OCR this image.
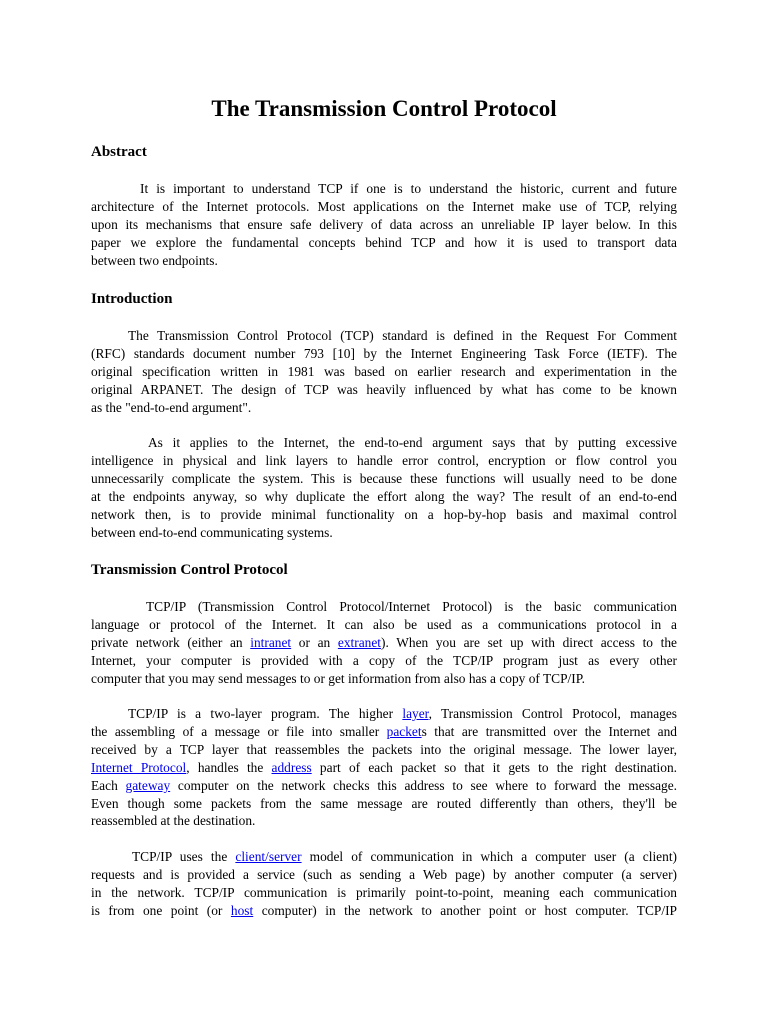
The Transmission Control Protocol
Abstract
It is important to understand TCP if one is to understand the historic, current and future
architecture of the Internet protocols. Most applications on the Internet make use of TCP, relying
upon its mechanisms that ensure safe delivery of data across an unreliable IP layer below. In this
paper we explore the fundamental concepts behind TCP and how it is used to transport data
between two endpoints.
Introduction
The Transmission Control Protocol (TCP) standard is defined in the Request For Comment
(RFC) standards document number 793 [10] by the Internet Engineering Task Force (IETF). The
original specification written in 1981 was based on earlier research and experimentation in the
original ARPANET. The design of TCP was heavily influenced by what has come to be known
as the "end-to-end argument".
As it applies to the Internet, the end-to-end argument says that by putting excessive
intelligence in physical and link layers to handle error control, encryption or flow control you
unnecessarily complicate the system. This is because these functions will usually need to be done
at the endpoints anyway, so why duplicate the effort along the way? The result of an end-to-end
network then, is to provide minimal functionality on a hop-by-hop basis and maximal control
between end-to-end communicating systems.
Transmission Control Protocol
TCP/IP (Transmission Control Protocol/Internet Protocol) is the basic communication
language or protocol of the Internet. It can also be used as a communications protocol in a
private network (either an intranet or an extranet). When you are set up with direct access to the
Internet, your computer is provided with a copy of the TCP/IP program just as every other
computer that you may send messages to or get information from also has a copy of TCP/IP.
TCP/IP is a two-layer program. The higher layer, Transmission Control Protocol, manages
the assembling of a message or file into smaller packets that are transmitted over the Internet and
received by a TCP layer that reassembles the packets into the original message. The lower layer,
Internet Protocol, handles the address part of each packet so that it gets to the right destination.
Each gateway computer on the network checks this address to see where to forward the message.
Even though some packets from the same message are routed differently than others, they'll be
reassembled at the destination.
TCP/IP uses the client/server model of communication in which a computer user (a client)
requests and is provided a service (such as sending a Web page) by another computer (a server)
in the network. TCP/IP communication is primarily point-to-point, meaning each communication
is from one point (or host computer) in the network to another point or host computer. TCP/IP
